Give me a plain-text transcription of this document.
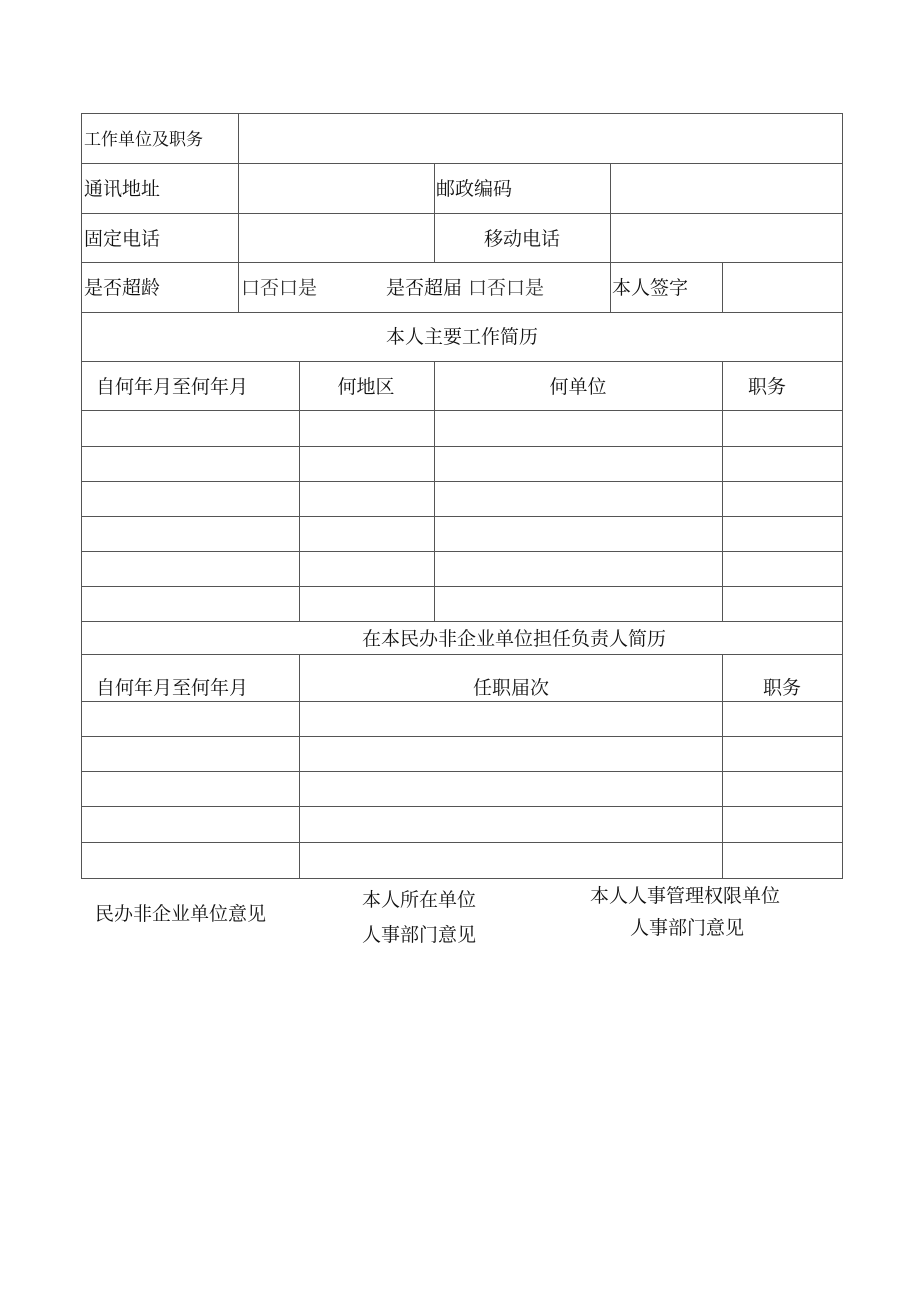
工作单位及职务
通讯地址	邮政编码
固定电话	移动电话
是否超龄	口否口是	是否超届 口否口是	本人签字
本人主要工作简历
自何年月至何年月	何地区	何单位	职务
在本民办非企业单位担任负责人简历
自何年月至何年月	任职届次	职务
民办非企业单位意见
本人所在单位
人事部门意见
本人人事管理权限单位
人事部门意见
